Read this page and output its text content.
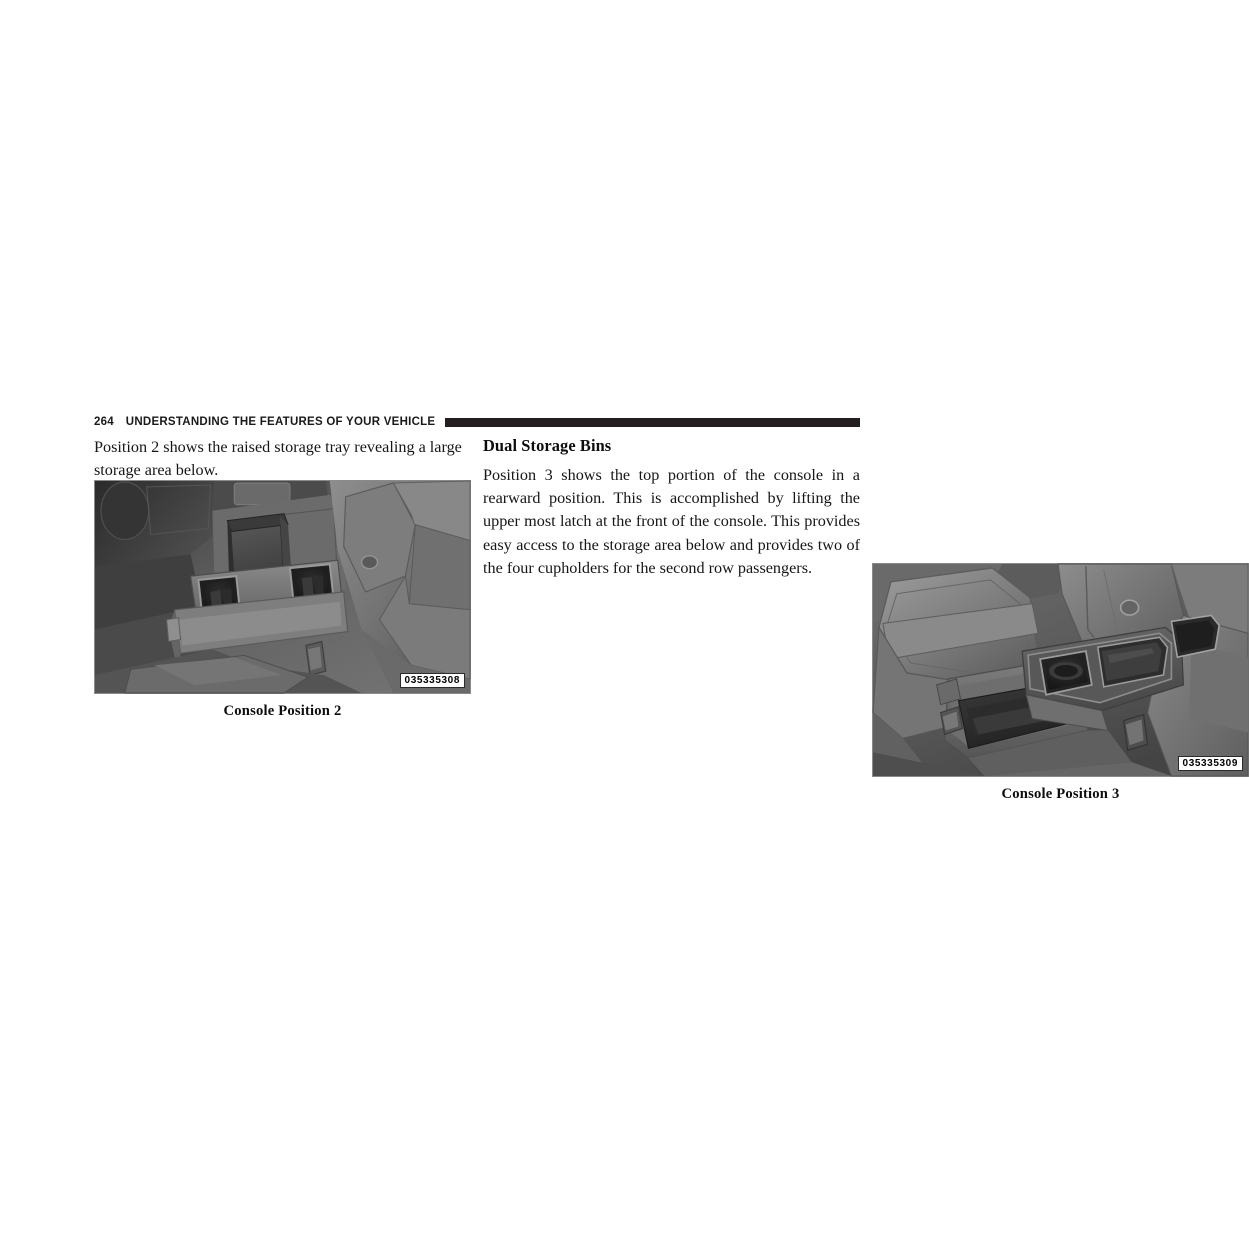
264 UNDERSTANDING THE FEATURES OF YOUR VEHICLE

Position 2 shows the raised storage tray revealing a large storage area below.

035335308
Console Position 2
Dual Storage Bins

Position 3 shows the top portion of the console in a rearward position. This is accomplished by lifting the upper most latch at the front of the console. This provides easy access to the storage area below and provides two of the four cupholders for the second row passengers.

035335309
Console Position 3
